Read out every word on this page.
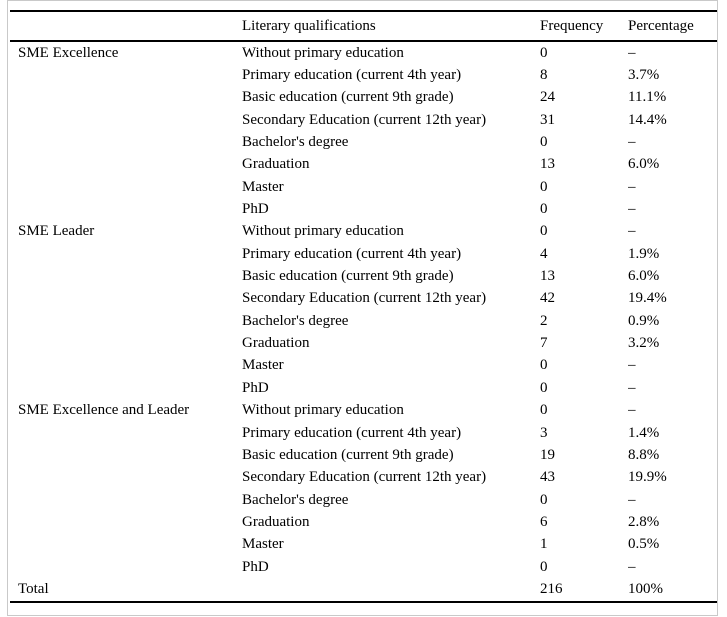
	Literary qualifications	Frequency	Percentage
SME Excellence	Without primary education	0	–
	Primary education (current 4th year)	8	3.7%
	Basic education (current 9th grade)	24	11.1%
	Secondary Education (current 12th year)	31	14.4%
	Bachelor's degree	0	–
	Graduation	13	6.0%
	Master	0	–
	PhD	0	–
SME Leader	Without primary education	0	–
	Primary education (current 4th year)	4	1.9%
	Basic education (current 9th grade)	13	6.0%
	Secondary Education (current 12th year)	42	19.4%
	Bachelor's degree	2	0.9%
	Graduation	7	3.2%
	Master	0	–
	PhD	0	–
SME Excellence and Leader	Without primary education	0	–
	Primary education (current 4th year)	3	1.4%
	Basic education (current 9th grade)	19	8.8%
	Secondary Education (current 12th year)	43	19.9%
	Bachelor's degree	0	–
	Graduation	6	2.8%
	Master	1	0.5%
	PhD	0	–
Total		216	100%
